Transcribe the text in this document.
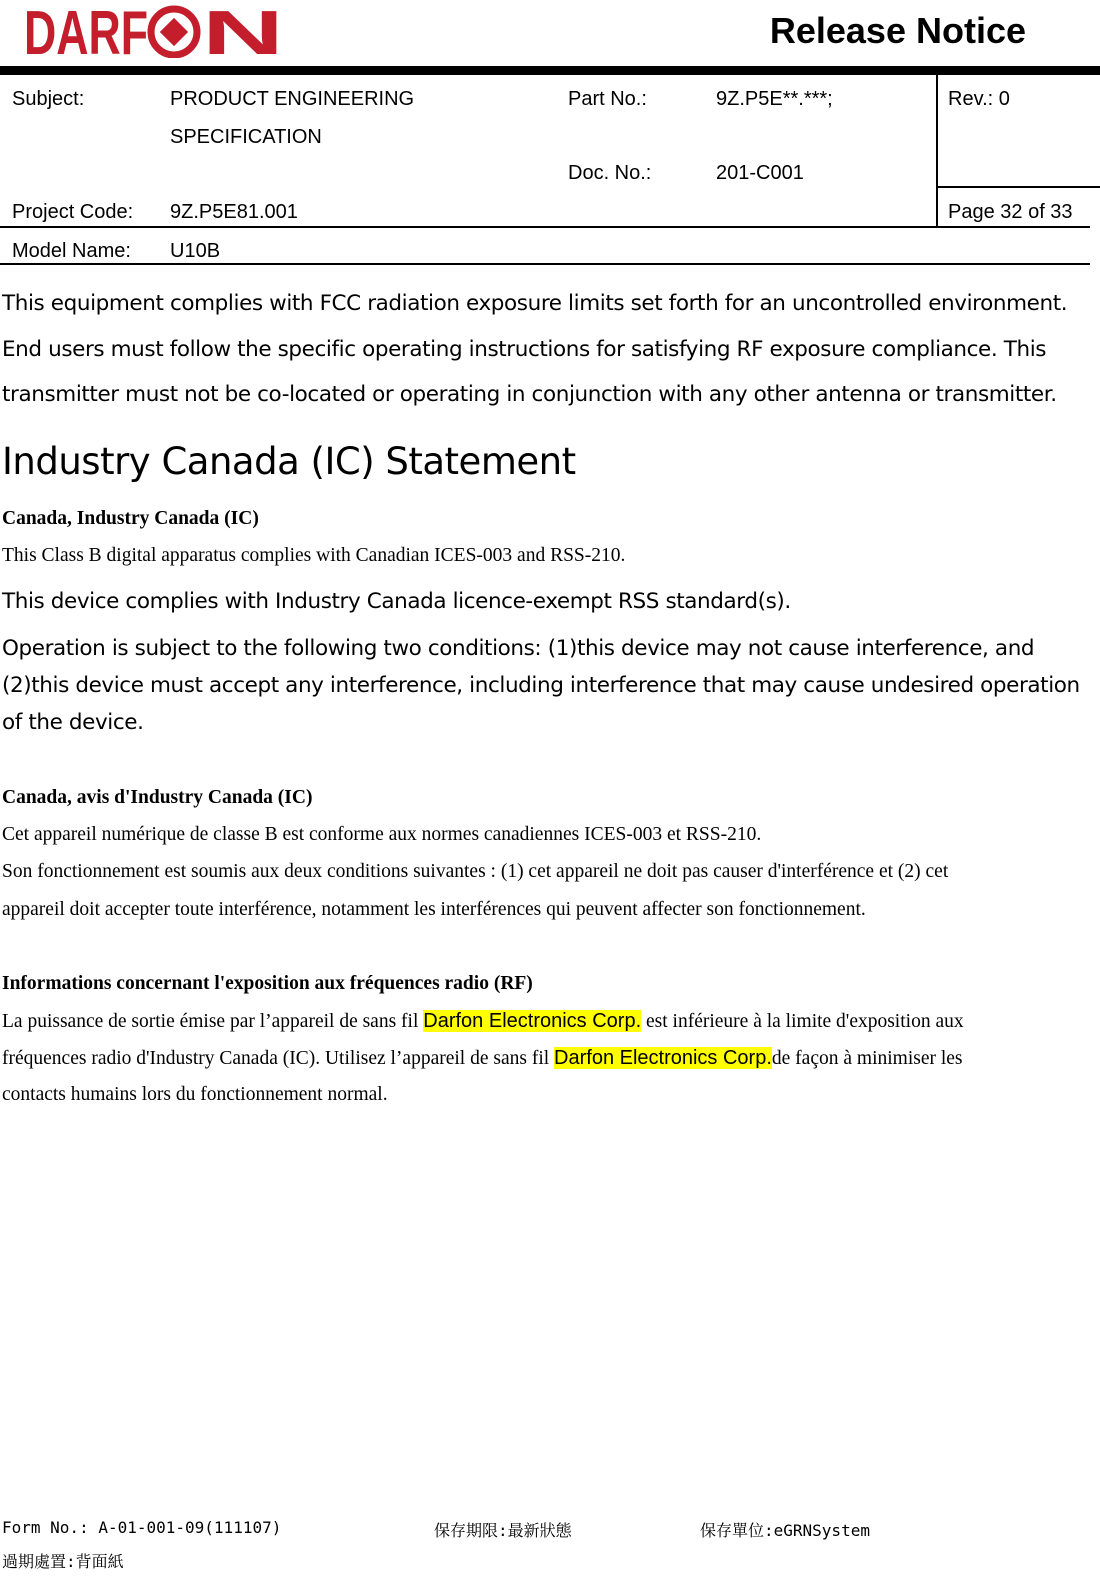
DARF N	Release Notice
Subject:	PRODUCT ENGINEERING
SPECIFICATION
Part No.:	9Z.P5E**.***;	Rev.: 0
Doc. No.:	201-C001
Project Code: 9Z.P5E81.001	Page 32 of 33
Model Name: U10B
This equipment complies with FCC radiation exposure limits set forth for an uncontrolled environment.
End users must follow the specific operating instructions for satisfying RF exposure compliance. This
transmitter must not be co-located or operating in conjunction with any other antenna or transmitter.
Industry Canada (IC) Statement
Canada, Industry Canada (IC)
This Class B digital apparatus complies with Canadian ICES-003 and RSS-210.
This device complies with Industry Canada licence-exempt RSS standard(s).
Operation is subject to the following two conditions: (1)this device may not cause interference, and
(2)this device must accept any interference, including interference that may cause undesired operation
of the device.
Canada, avis d'Industry Canada (IC)
Cet appareil numérique de classe B est conforme aux normes canadiennes ICES-003 et RSS-210.
Son fonctionnement est soumis aux deux conditions suivantes : (1) cet appareil ne doit pas causer d'interférence et (2) cet
appareil doit accepter toute interférence, notamment les interférences qui peuvent affecter son fonctionnement.
Informations concernant l'exposition aux fréquences radio (RF)
La puissance de sortie émise par l’appareil de sans fil Darfon Electronics Corp. est inférieure à la limite d'exposition aux
fréquences radio d'Industry Canada (IC). Utilisez l’appareil de sans fil Darfon Electronics Corp.de façon à minimiser les
contacts humains lors du fonctionnement normal.
Form No.: A-01-001-09(111107)	保存期限:最新狀態	保存單位:eGRNSystem
過期處置:背面紙
